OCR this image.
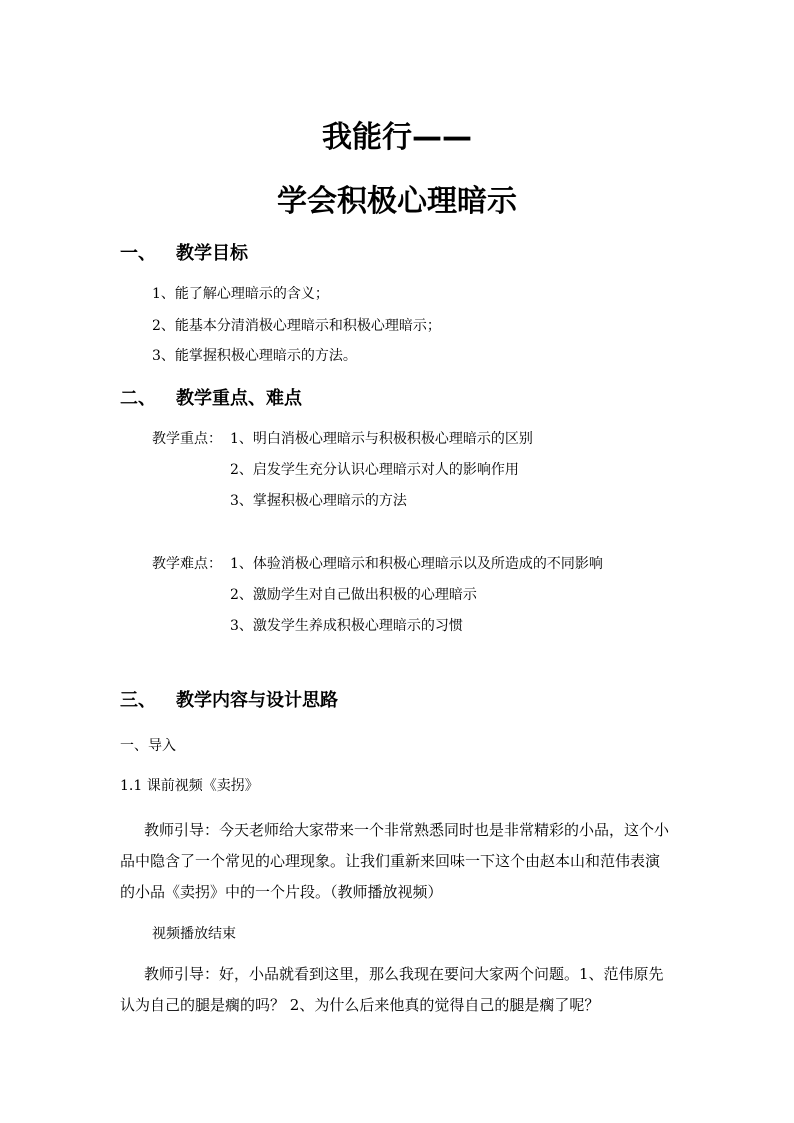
我能行——
学会积极心理暗示
一、 教学目标
1、能了解心理暗示的含义；
2、能基本分清消极心理暗示和积极心理暗示；
3、能掌握积极心理暗示的方法。
二、 教学重点、难点
教学重点： 1、明白消极心理暗示与积极积极心理暗示的区别
2、启发学生充分认识心理暗示对人的影响作用
3、掌握积极心理暗示的方法
教学难点： 1、体验消极心理暗示和积极心理暗示以及所造成的不同影响
2、激励学生对自己做出积极的心理暗示
3、激发学生养成积极心理暗示的习惯
三、 教学内容与设计思路
一、导入
1.1 课前视频《卖拐》
教师引导：今天老师给大家带来一个非常熟悉同时也是非常精彩的小品，这个小品中隐含了一个常见的心理现象。让我们重新来回味一下这个由赵本山和范伟表演的小品《卖拐》中的一个片段。（教师播放视频）
视频播放结束
教师引导：好，小品就看到这里，那么我现在要问大家两个问题。1、范伟原先认为自己的腿是瘸的吗？ 2、为什么后来他真的觉得自己的腿是瘸了呢？
